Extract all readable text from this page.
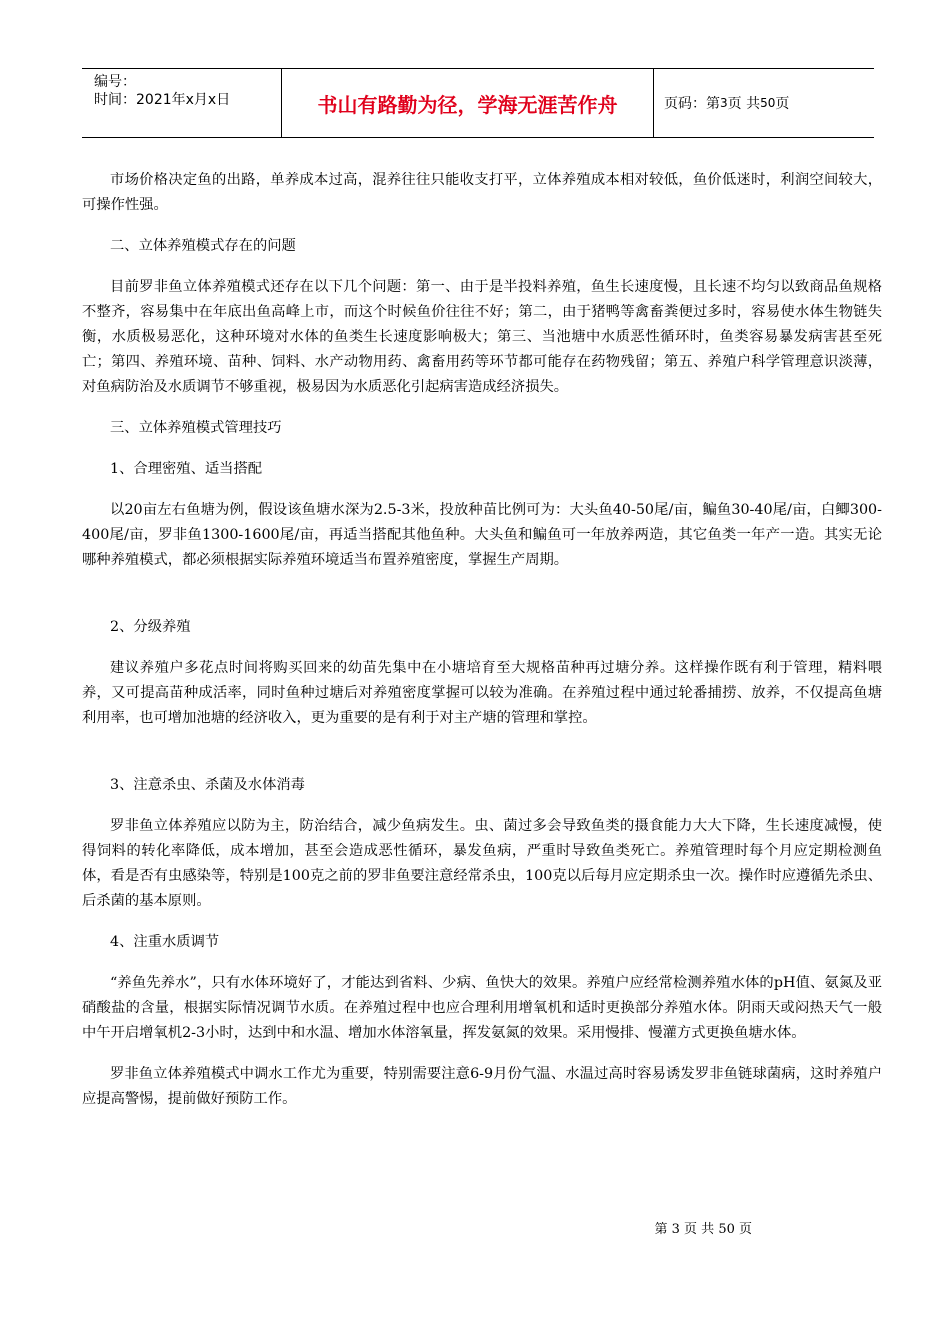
编号：
时间：2021年x月x日	书山有路勤为径，学海无涯苦作舟	页码：第 3 页 共 50 页

市场价格决定鱼的出路，单养成本过高，混养往往只能收支打平，立体养殖成本相对较低，鱼价低迷时，利润空间较大，可操作性强。

二、立体养殖模式存在的问题

目前罗非鱼立体养殖模式还存在以下几个问题：第一、由于是半投料养殖，鱼生长速度慢，且长速不均匀以致商品鱼规格不整齐，容易集中在年底出鱼高峰上市，而这个时候鱼价往往不好；第二，由于猪鸭等禽畜粪便过多时，容易使水体生物链失衡，水质极易恶化，这种环境对水体的鱼类生长速度影响极大；第三、当池塘中水质恶性循环时，鱼类容易暴发病害甚至死亡；第四、养殖环境、苗种、饲料、水产动物用药、禽畜用药等环节都可能存在药物残留；第五、养殖户科学管理意识淡薄，对鱼病防治及水质调节不够重视，极易因为水质恶化引起病害造成经济损失。

三、立体养殖模式管理技巧

1、合理密殖、适当搭配

以20亩左右鱼塘为例，假设该鱼塘水深为2.5-3米，投放种苗比例可为：大头鱼40-50尾/亩，鳊鱼30-40尾/亩，白鲫300-400尾/亩，罗非鱼1300-1600尾/亩，再适当搭配其他鱼种。大头鱼和鳊鱼可一年放养两造，其它鱼类一年产一造。其实无论哪种养殖模式，都必须根据实际养殖环境适当布置养殖密度，掌握生产周期。

2、分级养殖

建议养殖户多花点时间将购买回来的幼苗先集中在小塘培育至大规格苗种再过塘分养。这样操作既有利于管理，精料喂养，又可提高苗种成活率，同时鱼种过塘后对养殖密度掌握可以较为准确。在养殖过程中通过轮番捕捞、放养，不仅提高鱼塘利用率，也可增加池塘的经济收入，更为重要的是有利于对主产塘的管理和掌控。

3、注意杀虫、杀菌及水体消毒

罗非鱼立体养殖应以防为主，防治结合，减少鱼病发生。虫、菌过多会导致鱼类的摄食能力大大下降，生长速度减慢，使得饲料的转化率降低，成本增加，甚至会造成恶性循环，暴发鱼病，严重时导致鱼类死亡。养殖管理时每个月应定期检测鱼体，看是否有虫感染等，特别是100克之前的罗非鱼要注意经常杀虫，100克以后每月应定期杀虫一次。操作时应遵循先杀虫、后杀菌的基本原则。

4、注重水质调节

“养鱼先养水”，只有水体环境好了，才能达到省料、少病、鱼快大的效果。养殖户应经常检测养殖水体的pH值、氨氮及亚硝酸盐的含量，根据实际情况调节水质。在养殖过程中也应合理利用增氧机和适时更换部分养殖水体。阴雨天或闷热天气一般中午开启增氧机2-3小时，达到中和水温、增加水体溶氧量，挥发氨氮的效果。采用慢排、慢灌方式更换鱼塘水体。

罗非鱼立体养殖模式中调水工作尤为重要，特别需要注意6-9月份气温、水温过高时容易诱发罗非鱼链球菌病，这时养殖户应提高警惕，提前做好预防工作。

第 3 页 共 50 页
